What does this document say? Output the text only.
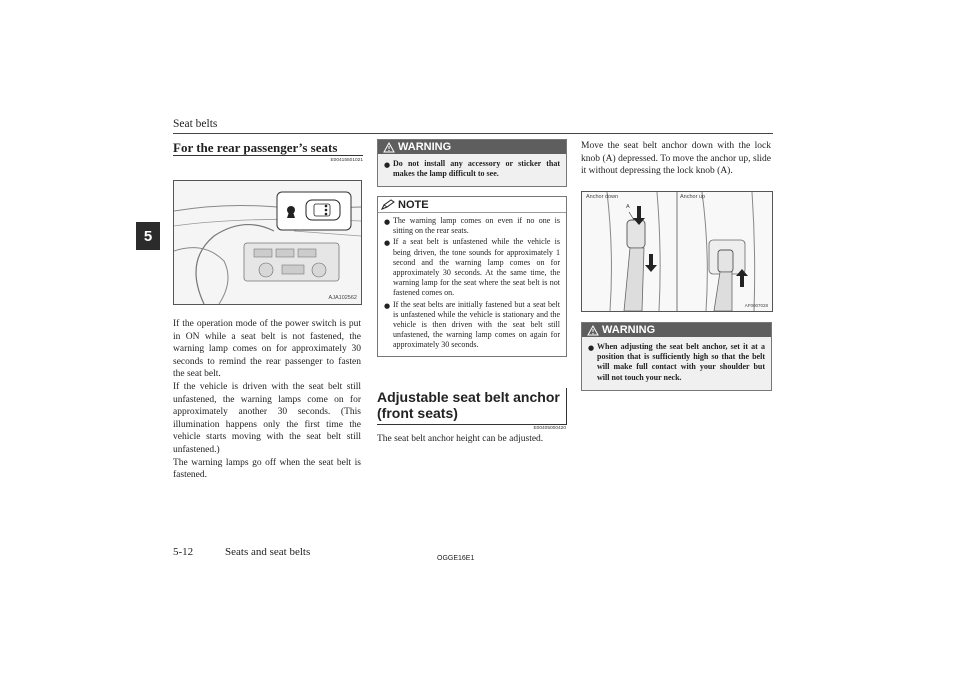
Seat belts
5
For the rear passenger’s seats
E00415501021
AJA102562
If the operation mode of the power switch is put in ON while a seat belt is not fastened, the warning lamp comes on for approximately 30 seconds to remind the rear passenger to fasten the seat belt.
If the vehicle is driven with the seat belt still unfastened, the warning lamps come on for approximately another 30 seconds. (This illumination happens only the first time the vehicle starts moving with the seat belt still unfastened.)
The warning lamps go off when the seat belt is fastened.
WARNING
● Do not install any accessory or sticker that makes the lamp difficult to see.
NOTE
● The warning lamp comes on even if no one is sitting on the rear seats.
● If a seat belt is unfastened while the vehicle is being driven, the tone sounds for approximately 1 second and the warning lamp comes on for approximately 30 seconds. At the same time, the warning lamp for the seat where the seat belt is not fastened comes on.
● If the seat belts are initially fastened but a seat belt is unfastened while the vehicle is stationary and the vehicle is then driven with the seat belt still unfastened, the warning lamp comes on again for approximately 30 seconds.
Adjustable seat belt anchor (front seats)
E00405000420
The seat belt anchor height can be adjusted.
Move the seat belt anchor down with the lock knob (A) depressed. To move the anchor up, slide it without depressing the lock knob (A).
Anchor down	Anchor up
A
AF0007028
WARNING
● When adjusting the seat belt anchor, set it at a position that is sufficiently high so that the belt will make full contact with your shoulder but will not touch your neck.
5-12	Seats and seat belts
OGGE16E1
